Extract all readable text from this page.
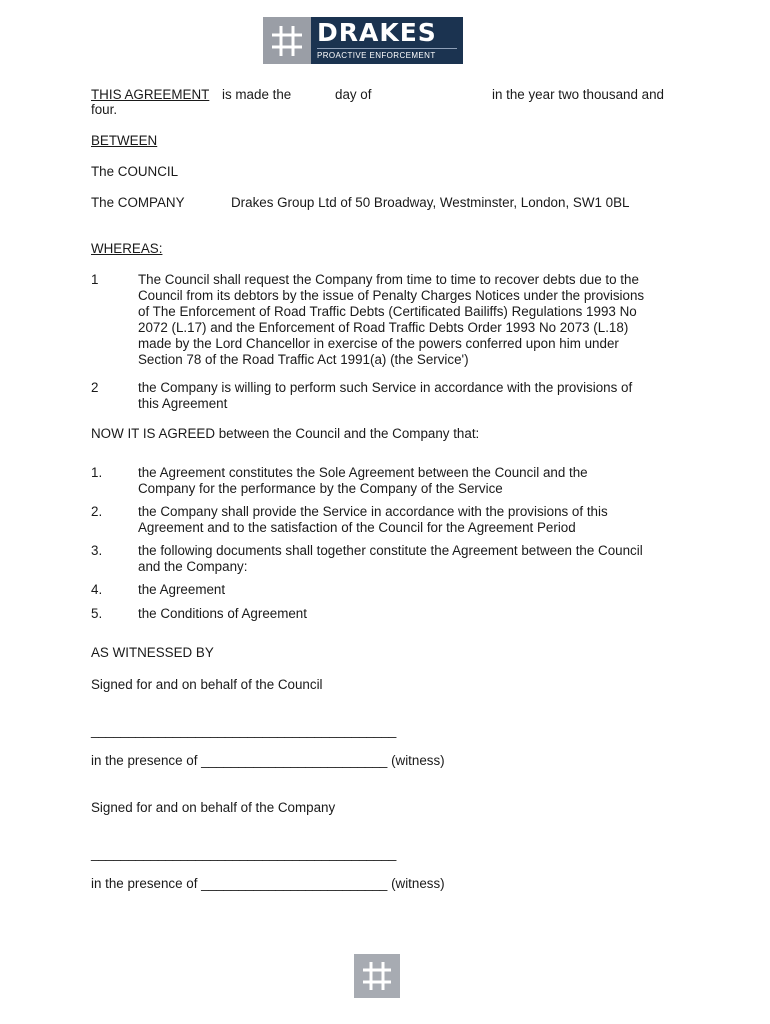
DRAKES
PROACTIVE ENFORCEMENT
THIS AGREEMENT is made the	day of	in the year two thousand and
four.
BETWEEN
The COUNCIL
The COMPANY	Drakes Group Ltd of 50 Broadway, Westminster, London, SW1 0BL
WHEREAS:
1	The Council shall request the Company from time to time to recover debts due to the
Council from its debtors by the issue of Penalty Charges Notices under the provisions
of The Enforcement of Road Traffic Debts (Certificated Bailiffs) Regulations 1993 No
2072 (L.17) and the Enforcement of Road Traffic Debts Order 1993 No 2073 (L.18)
made by the Lord Chancellor in exercise of the powers conferred upon him under
Section 78 of the Road Traffic Act 1991(a) (the Service')
2	the Company is willing to perform such Service in accordance with the provisions of
this Agreement
NOW IT IS AGREED between the Council and the Company that:
1.	the Agreement constitutes the Sole Agreement between the Council and the
Company for the performance by the Company of the Service
2.	the Company shall provide the Service in accordance with the provisions of this
Agreement and to the satisfaction of the Council for the Agreement Period
3.	the following documents shall together constitute the Agreement between the Council
and the Company:
4.	the Agreement
5.	the Conditions of Agreement
AS WITNESSED BY
Signed for and on behalf of the Council
_________________________________________
in the presence of _________________________ (witness)
Signed for and on behalf of the Company
_________________________________________
in the presence of _________________________ (witness)
